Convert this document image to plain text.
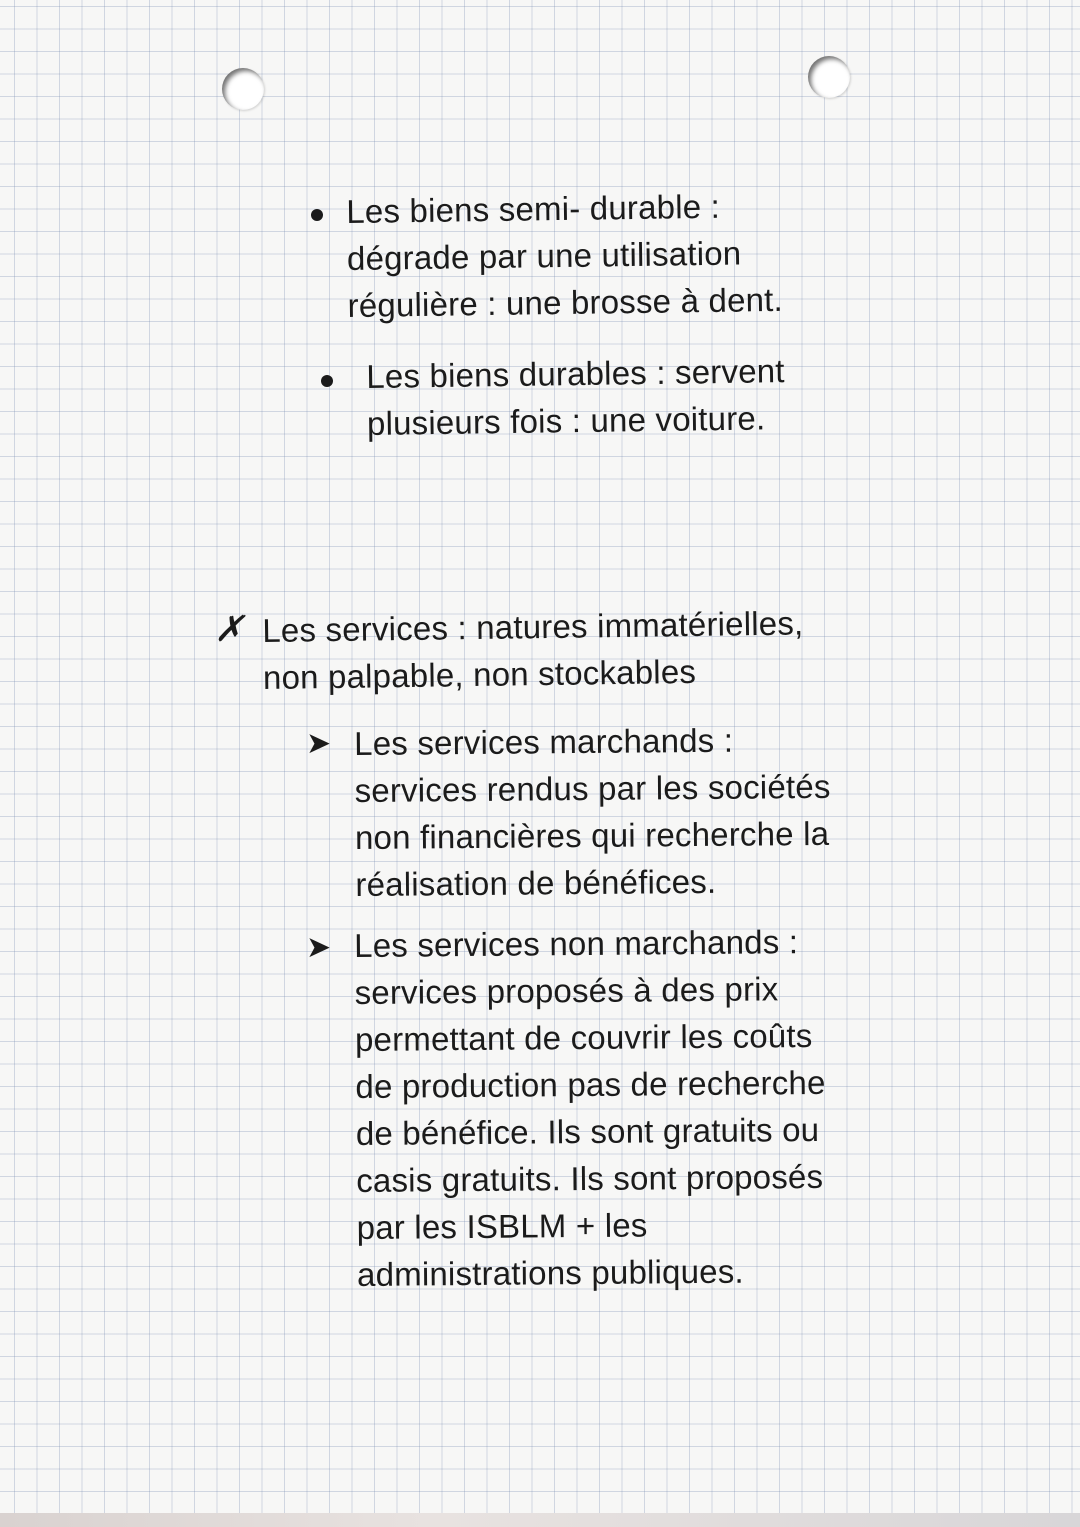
Les biens semi- durable :

dégrade par une utilisation

régulière : une brosse à dent.

Les biens durables : servent

plusieurs fois : une voiture.

✗ Les services : natures immatérielles,

non palpable, non stockables

➤ Les services marchands :

services rendus par les sociétés

non financières qui recherche la

réalisation de bénéfices.

➤ Les services non marchands :

services proposés à des prix

permettant de couvrir les coûts

de production pas de recherche

de bénéfice. Ils sont gratuits ou

casis gratuits. Ils sont proposés

par les ISBLM + les

administrations publiques.
